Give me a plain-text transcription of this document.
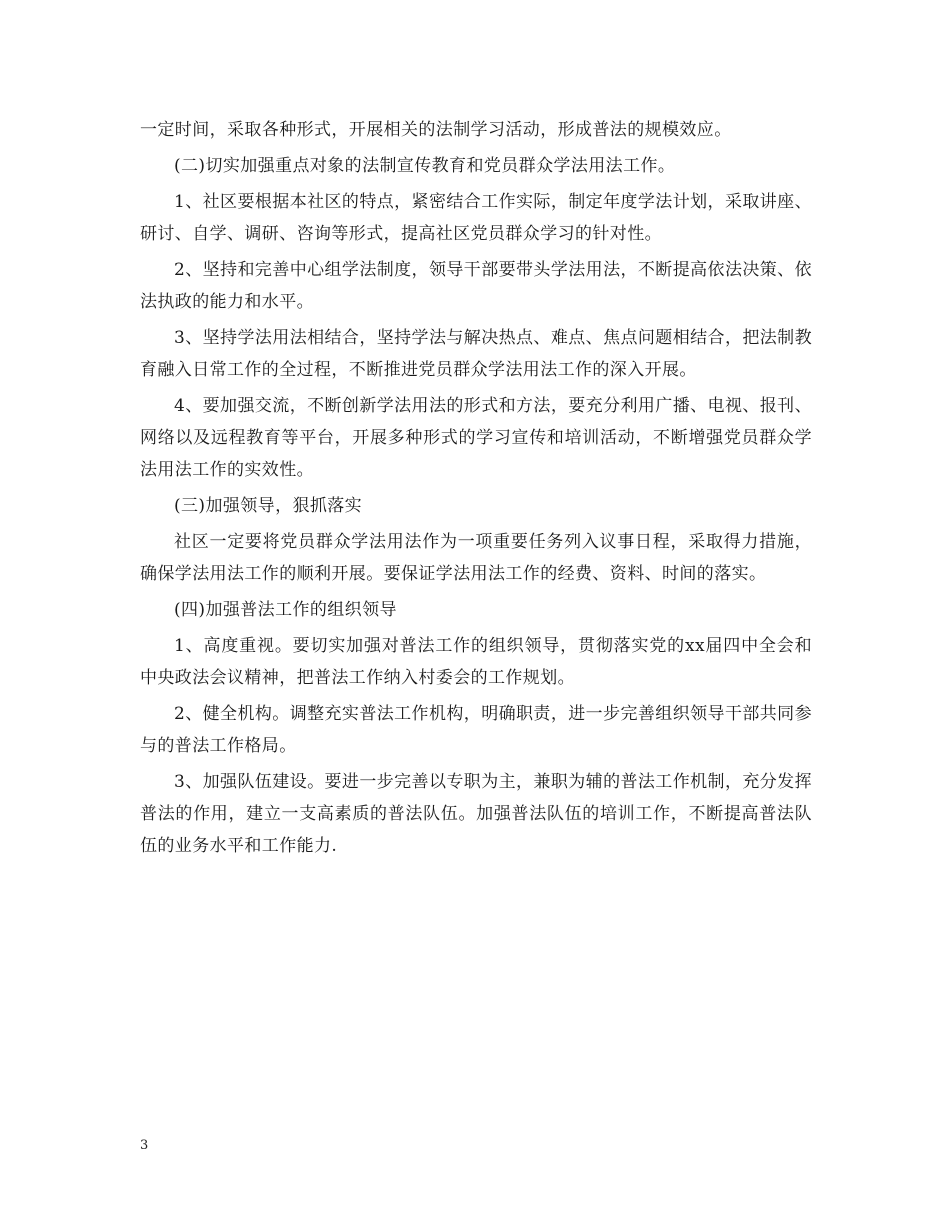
一定时间，采取各种形式，开展相关的法制学习活动，形成普法的规模效应。

(二)切实加强重点对象的法制宣传教育和党员群众学法用法工作。

1、社区要根据本社区的特点，紧密结合工作实际，制定年度学法计划，采取讲座、研讨、自学、调研、咨询等形式，提高社区党员群众学习的针对性。

2、坚持和完善中心组学法制度，领导干部要带头学法用法，不断提高依法决策、依法执政的能力和水平。

3、坚持学法用法相结合，坚持学法与解决热点、难点、焦点问题相结合，把法制教育融入日常工作的全过程，不断推进党员群众学法用法工作的深入开展。

4、要加强交流，不断创新学法用法的形式和方法，要充分利用广播、电视、报刊、网络以及远程教育等平台，开展多种形式的学习宣传和培训活动，不断增强党员群众学法用法工作的实效性。

(三)加强领导，狠抓落实

社区一定要将党员群众学法用法作为一项重要任务列入议事日程，采取得力措施，确保学法用法工作的顺利开展。要保证学法用法工作的经费、资料、时间的落实。

(四)加强普法工作的组织领导

1、高度重视。要切实加强对普法工作的组织领导，贯彻落实党的xx届四中全会和中央政法会议精神，把普法工作纳入村委会的工作规划。

2、健全机构。调整充实普法工作机构，明确职责，进一步完善组织领导干部共同参与的普法工作格局。

3、加强队伍建设。要进一步完善以专职为主，兼职为辅的普法工作机制，充分发挥普法的作用，建立一支高素质的普法队伍。加强普法队伍的培训工作，不断提高普法队伍的业务水平和工作能力.

3
